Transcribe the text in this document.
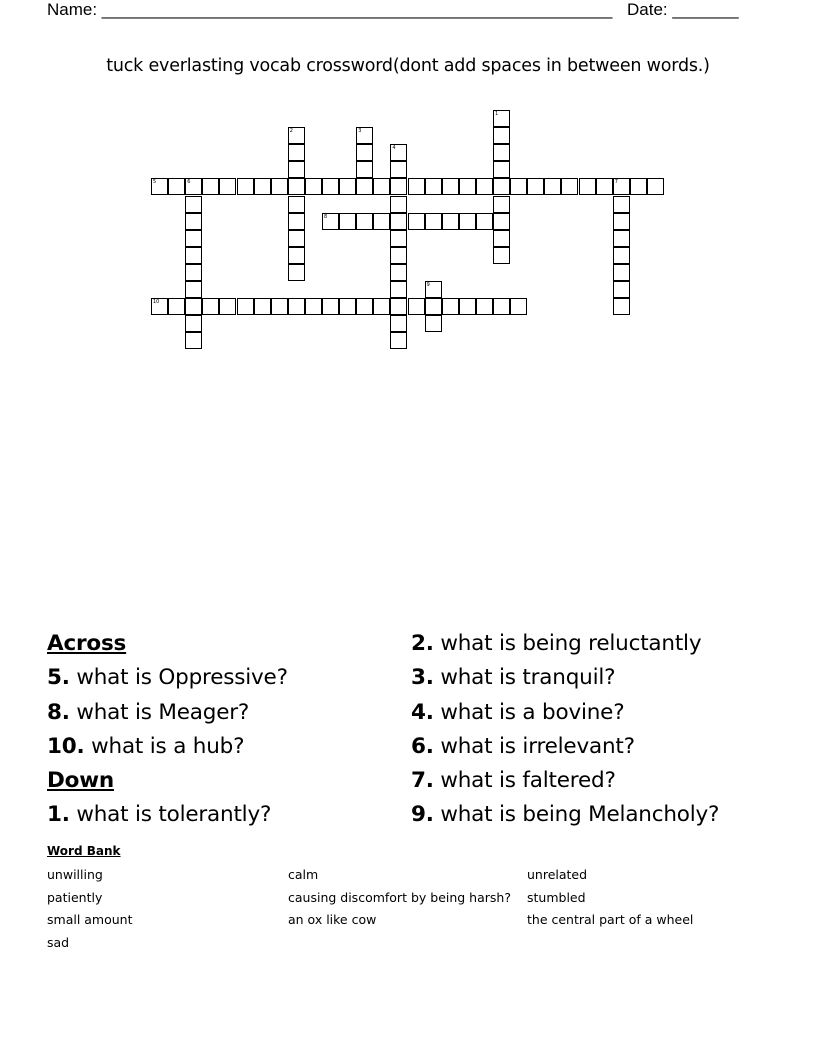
Name: ______________________________________________________ Date: _______
tuck everlasting vocab crossword(dont add spaces in between words.)
1
2	3
4
5	6	7
8
9
10
Across
5. what is Oppressive?
8. what is Meager?
10. what is a hub?
Down
1. what is tolerantly?
2. what is being reluctantly
3. what is tranquil?
4. what is a bovine?
6. what is irrelevant?
7. what is faltered?
9. what is being Melancholy?
Word Bank
unwilling
patiently
small amount
sad
calm
causing discomfort by being harsh?
an ox like cow
unrelated
stumbled
the central part of a wheel
